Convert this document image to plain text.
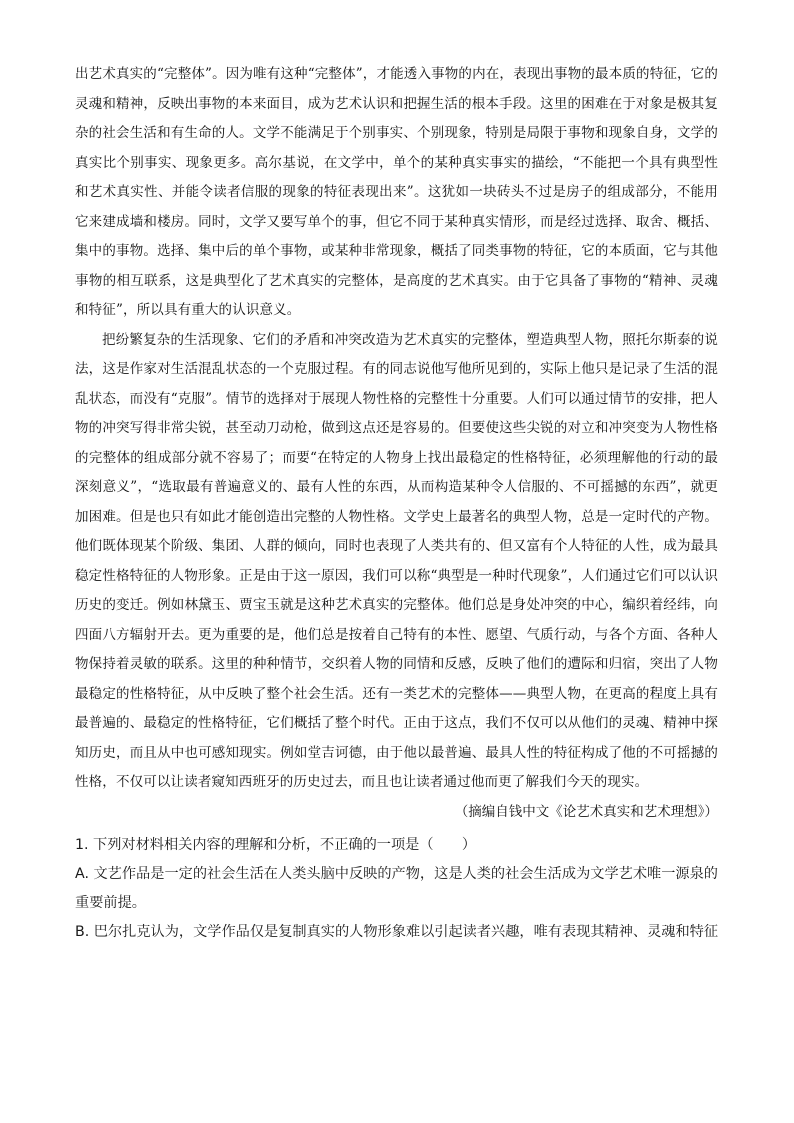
出艺术真实的“完整体”。因为唯有这种“完整体”，才能透入事物的内在，表现出事物的最本质的特征，它的灵魂和精神，反映出事物的本来面目，成为艺术认识和把握生活的根本手段。这里的困难在于对象是极其复杂的社会生活和有生命的人。文学不能满足于个别事实、个别现象，特别是局限于事物和现象自身，文学的真实比个别事实、现象更多。高尔基说，在文学中，单个的某种真实事实的描绘，“不能把一个具有典型性和艺术真实性、并能令读者信服的现象的特征表现出来”。这犹如一块砖头不过是房子的组成部分，不能用它来建成墙和楼房。同时，文学又要写单个的事，但它不同于某种真实情形，而是经过选择、取舍、概括、集中的事物。选择、集中后的单个事物，或某种非常现象，概括了同类事物的特征，它的本质面，它与其他事物的相互联系，这是典型化了艺术真实的完整体，是高度的艺术真实。由于它具备了事物的“精神、灵魂和特征”，所以具有重大的认识意义。

把纷繁复杂的生活现象、它们的矛盾和冲突改造为艺术真实的完整体，塑造典型人物，照托尔斯泰的说法，这是作家对生活混乱状态的一个克服过程。有的同志说他写他所见到的，实际上他只是记录了生活的混乱状态，而没有“克服”。情节的选择对于展现人物性格的完整性十分重要。人们可以通过情节的安排，把人物的冲突写得非常尖锐，甚至动刀动枪，做到这点还是容易的。但要使这些尖锐的对立和冲突变为人物性格的完整体的组成部分就不容易了；而要“在特定的人物身上找出最稳定的性格特征，必须理解他的行动的最深刻意义”，“选取最有普遍意义的、最有人性的东西，从而构造某种令人信服的、不可摇撼的东西”，就更加困难。但是也只有如此才能创造出完整的人物性格。文学史上最著名的典型人物，总是一定时代的产物。他们既体现某个阶级、集团、人群的倾向，同时也表现了人类共有的、但又富有个人特征的人性，成为最具稳定性格特征的人物形象。正是由于这一原因，我们可以称“典型是一种时代现象”，人们通过它们可以认识历史的变迁。例如林黛玉、贾宝玉就是这种艺术真实的完整体。他们总是身处冲突的中心，编织着经纬，向四面八方辐射开去。更为重要的是，他们总是按着自己特有的本性、愿望、气质行动，与各个方面、各种人物保持着灵敏的联系。这里的种种情节，交织着人物的同情和反感，反映了他们的遭际和归宿，突出了人物最稳定的性格特征，从中反映了整个社会生活。还有一类艺术的完整体——典型人物，在更高的程度上具有最普遍的、最稳定的性格特征，它们概括了整个时代。正由于这点，我们不仅可以从他们的灵魂、精神中探知历史，而且从中也可感知现实。例如堂吉诃德，由于他以最普遍、最具人性的特征构成了他的不可摇撼的性格，不仅可以让读者窥知西班牙的历史过去，而且也让读者通过他而更了解我们今天的现实。

（摘编自钱中文《论艺术真实和艺术理想》）

1. 下列对材料相关内容的理解和分析，不正确的一项是（　　）

A. 文艺作品是一定的社会生活在人类头脑中反映的产物，这是人类的社会生活成为文学艺术唯一源泉的重要前提。

B. 巴尔扎克认为，文学作品仅是复制真实的人物形象难以引起读者兴趣，唯有表现其精神、灵魂和特征
